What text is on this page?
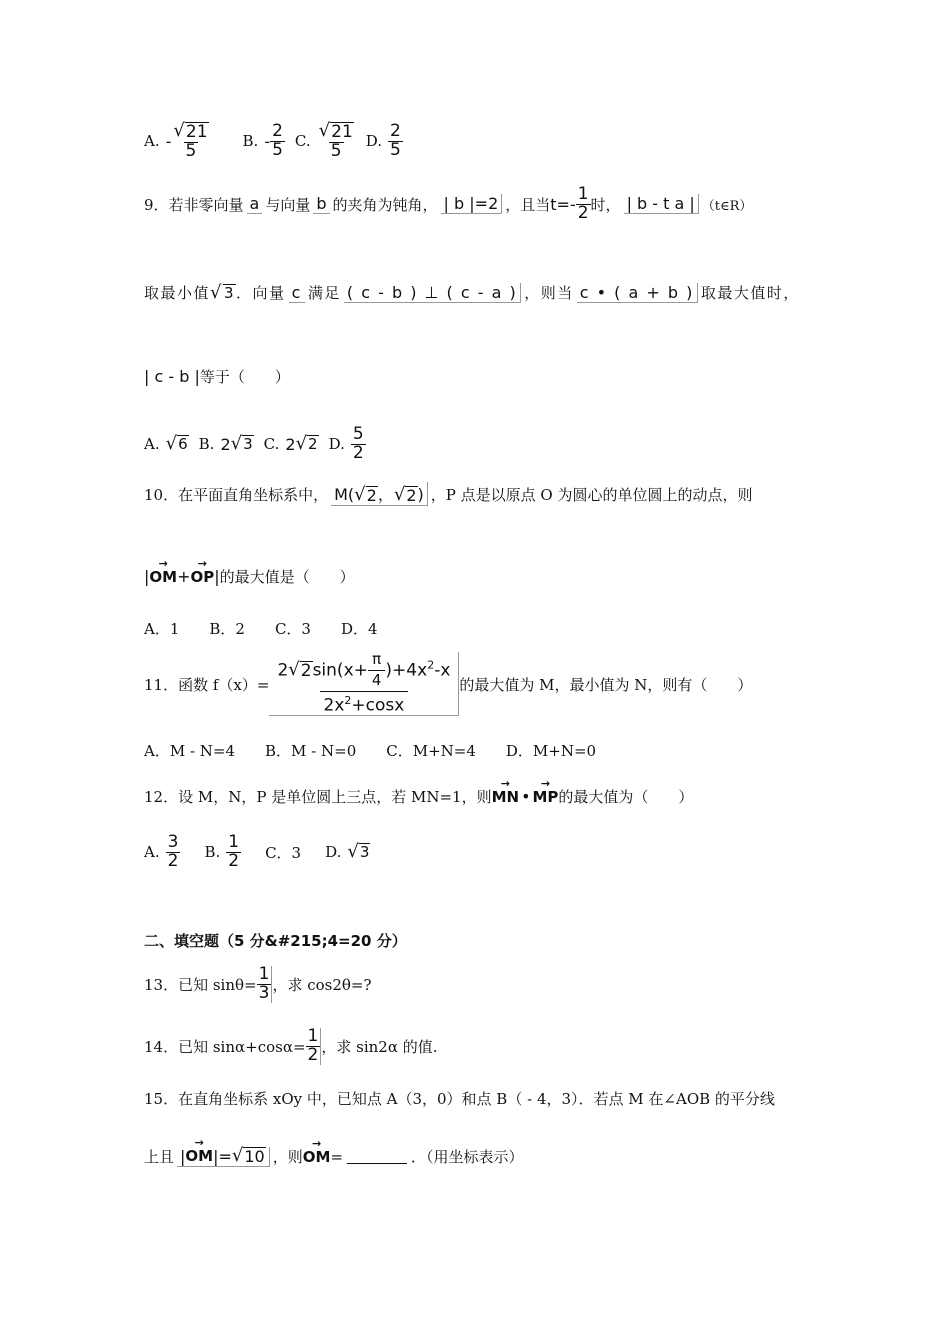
A. - $\frac{√ 21}{5} B$. - $\frac{2}{5} C$. $\frac{√ 21}{5} D$. $\frac{2}{5}$
9．若非零向量 a 与向量 b 的夹角为钝角， | b |=2 ，且当 $t=- \frac{1}{2}$ 时， | b - t a | （t∈R）
取最小值 √ 3 ．向量 c 满足 ( c - b ) ⊥ ( c - a ) ，则当 c • ( a + b ) 取最大值时，
| c - b | 等于（　　）
A. √ 6 B. 2 √ 3 C. 2 √ 2 D. $\frac{5}{2}$
10．在平面直角坐标系中， M( √ 2 ， √ 2 ) ，P 点是以原点 O 为圆心的单位圆上的动点，则
| → OM + → OP | 的最大值是（　　）
A．1　　B．2　　C．3　　D．4
11．函数 $f(x)= \frac{2 √ 2 \sin(x+ \frac{\pi}{4} )+4x^2-x}{2x^2+\cos x}$ 的最大值为 M，最小值为 N，则有（　　）
A．M - N=4　　B．M - N=0　　C．M+N=4　　D．M+N=0
12．设 M，N，P 是单位圆上三点，若 MN=1，则 → MN • → MP 的最大值为（　　）
A. $\frac{3}{2} B$. $\frac{1}{2}$ C．3 D. √ 3
二、填空题（5 分&#215;4=20 分）
13．已知 $\sin\theta= \frac{1}{3}$ ，求 cos2θ=?
14．已知 $\sin\alpha+\cos\alpha= \frac{1}{2}$ ，求 sin2α 的值.
15．在直角坐标系 xOy 中，已知点 A（3，0）和点 B（ - 4，3）．若点 M 在∠AOB 的平分线
上且 | → OM | = √ 10 ，则 → OM =	．（用坐标表示）
